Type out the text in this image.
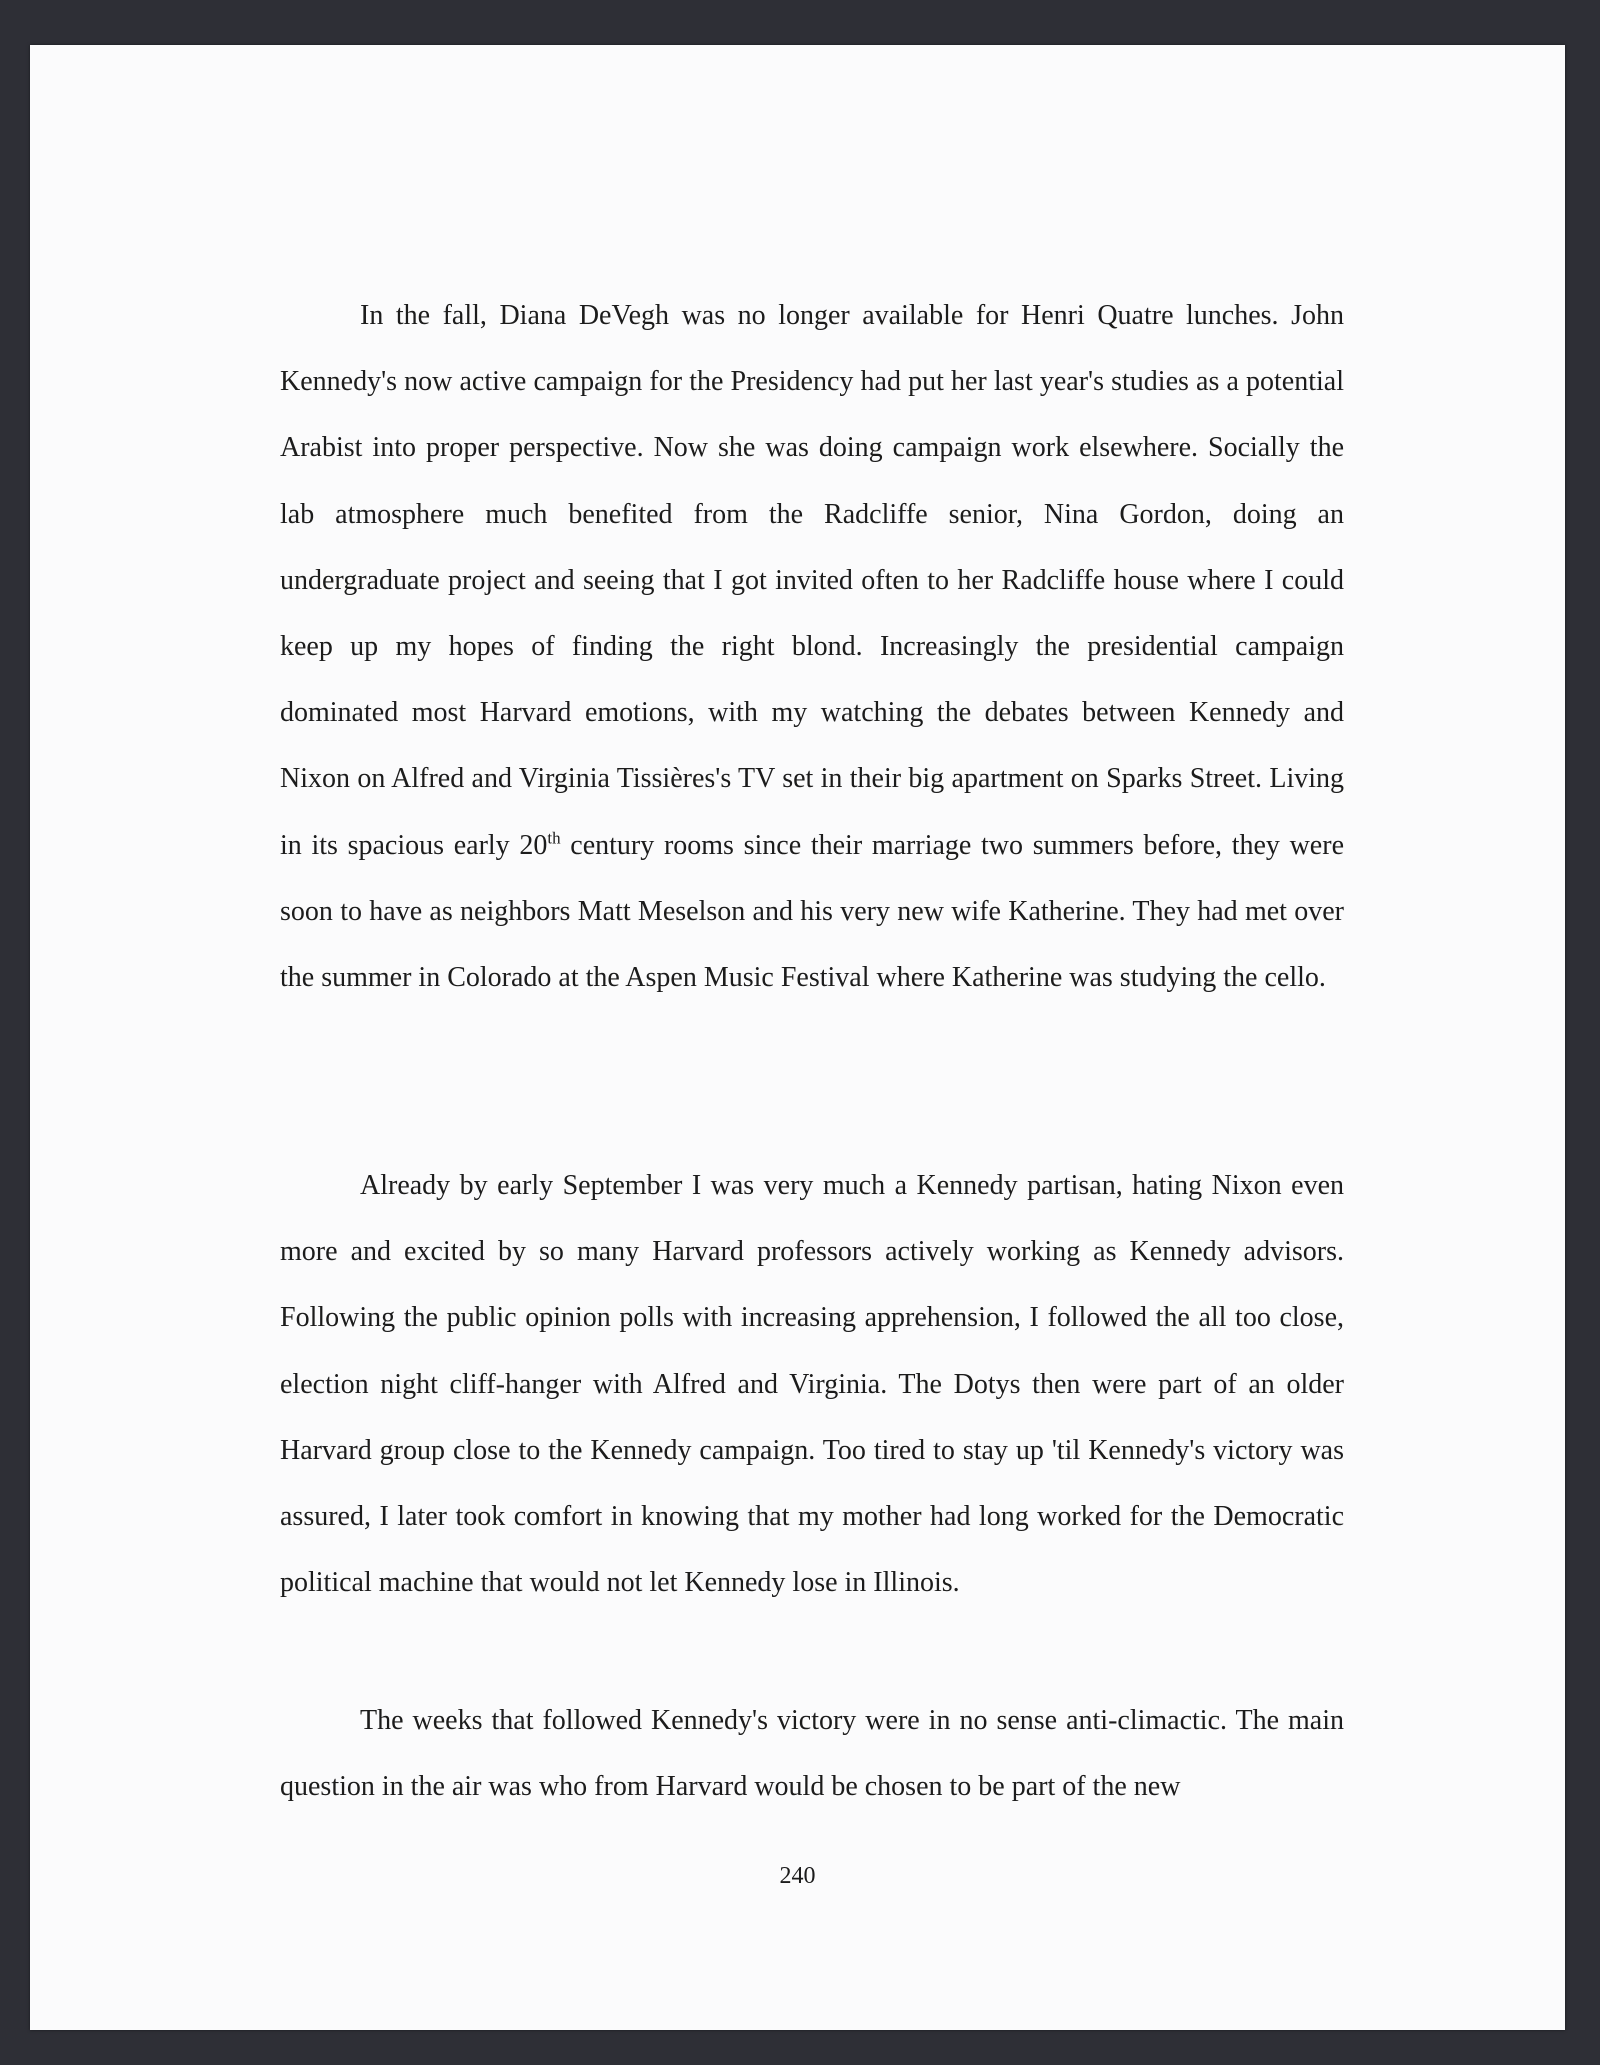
In the fall, Diana DeVegh was no longer available for Henri Quatre lunches. John Kennedy's now active campaign for the Presidency had put her last year's studies as a potential Arabist into proper perspective. Now she was doing campaign work elsewhere. Socially the lab atmosphere much benefited from the Radcliffe senior, Nina Gordon, doing an undergraduate project and seeing that I got invited often to her Radcliffe house where I could keep up my hopes of finding the right blond. Increasingly the presidential campaign dominated most Harvard emotions, with my watching the debates between Kennedy and Nixon on Alfred and Virginia Tissières's TV set in their big apartment on Sparks Street. Living in its spacious early 20th century rooms since their marriage two summers before, they were soon to have as neighbors Matt Meselson and his very new wife Katherine. They had met over the summer in Colorado at the Aspen Music Festival where Katherine was studying the cello.

Already by early September I was very much a Kennedy partisan, hating Nixon even more and excited by so many Harvard professors actively working as Kennedy advisors. Following the public opinion polls with increasing apprehension, I followed the all too close, election night cliff-hanger with Alfred and Virginia. The Dotys then were part of an older Harvard group close to the Kennedy campaign. Too tired to stay up 'til Kennedy's victory was assured, I later took comfort in knowing that my mother had long worked for the Democratic political machine that would not let Kennedy lose in Illinois.

The weeks that followed Kennedy's victory were in no sense anti-climactic. The main question in the air was who from Harvard would be chosen to be part of the new

240
